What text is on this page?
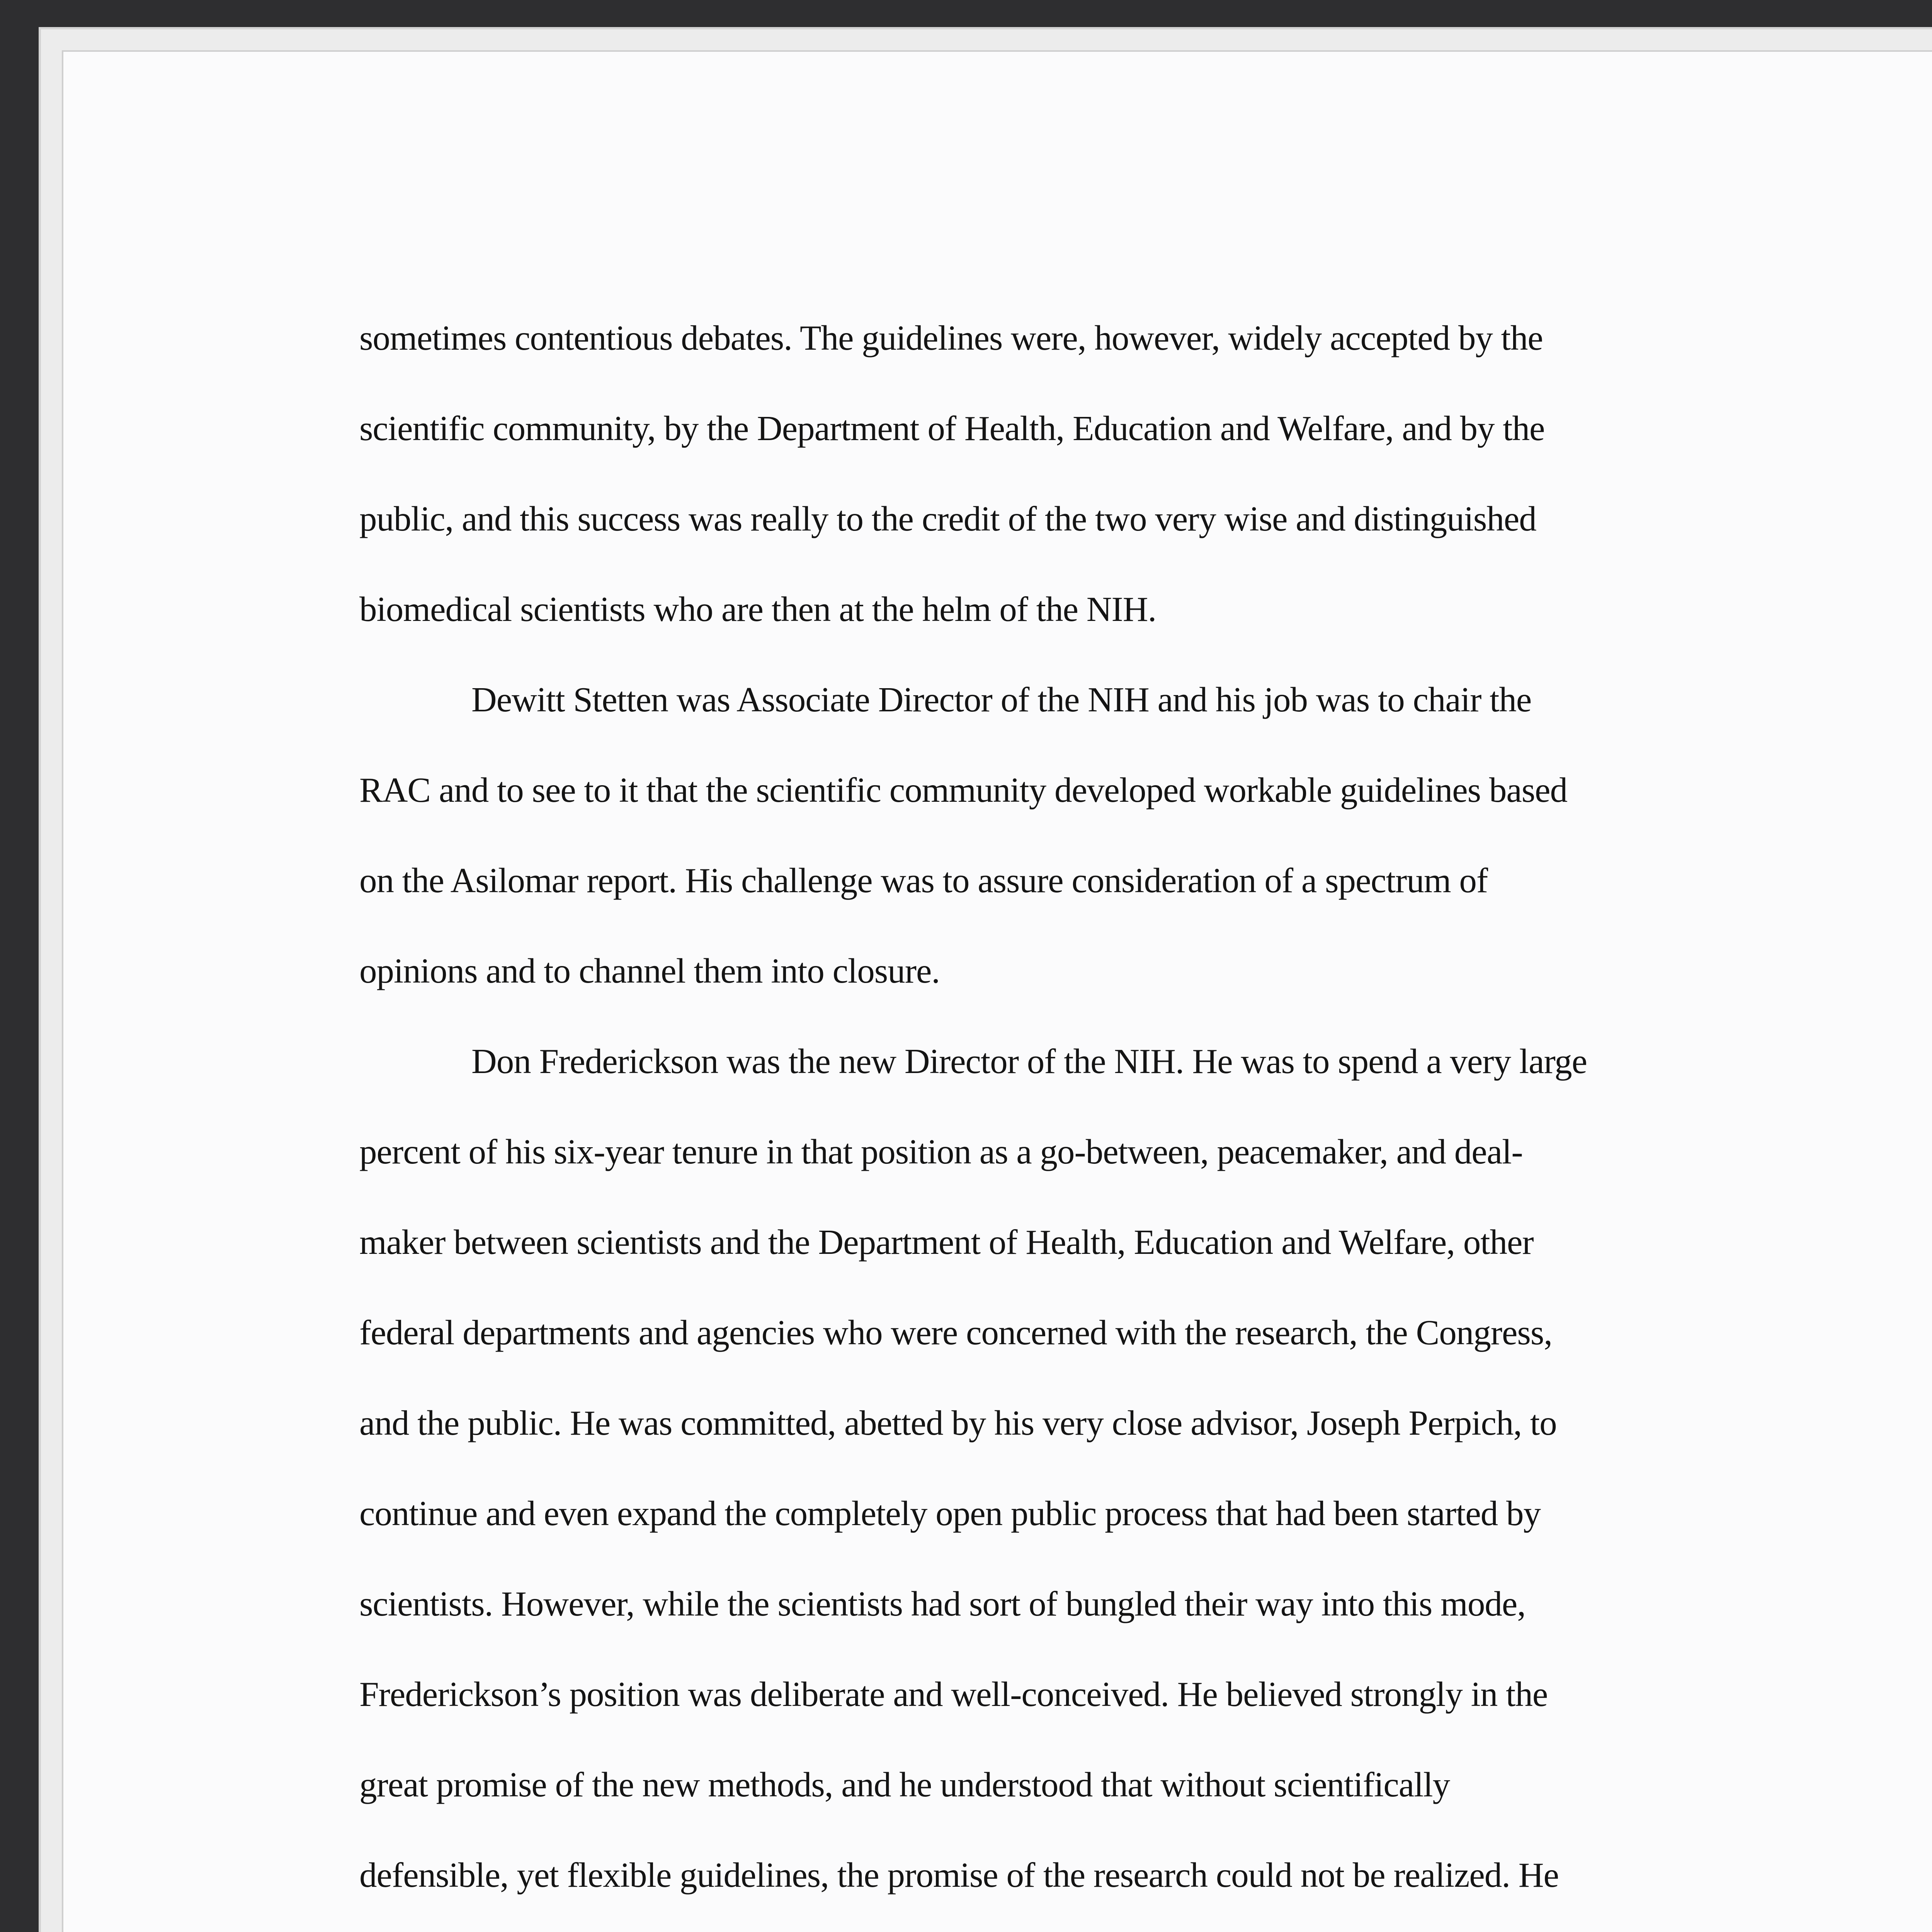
sometimes contentious debates. The guidelines were, however, widely accepted by the
scientific community, by the Department of Health, Education and Welfare, and by the
public, and this success was really to the credit of the two very wise and distinguished
biomedical scientists who are then at the helm of the NIH.
Dewitt Stetten was Associate Director of the NIH and his job was to chair the
RAC and to see to it that the scientific community developed workable guidelines based
on the Asilomar report. His challenge was to assure consideration of a spectrum of
opinions and to channel them into closure.
Don Frederickson was the new Director of the NIH. He was to spend a very large
percent of his six-year tenure in that position as a go-between, peacemaker, and deal-
maker between scientists and the Department of Health, Education and Welfare, other
federal departments and agencies who were concerned with the research, the Congress,
and the public. He was committed, abetted by his very close advisor, Joseph Perpich, to
continue and even expand the completely open public process that had been started by
scientists. However, while the scientists had sort of bungled their way into this mode,
Frederickson’s position was deliberate and well-conceived. He believed strongly in the
great promise of the new methods, and he understood that without scientifically
defensible, yet flexible guidelines, the promise of the research could not be realized. He
